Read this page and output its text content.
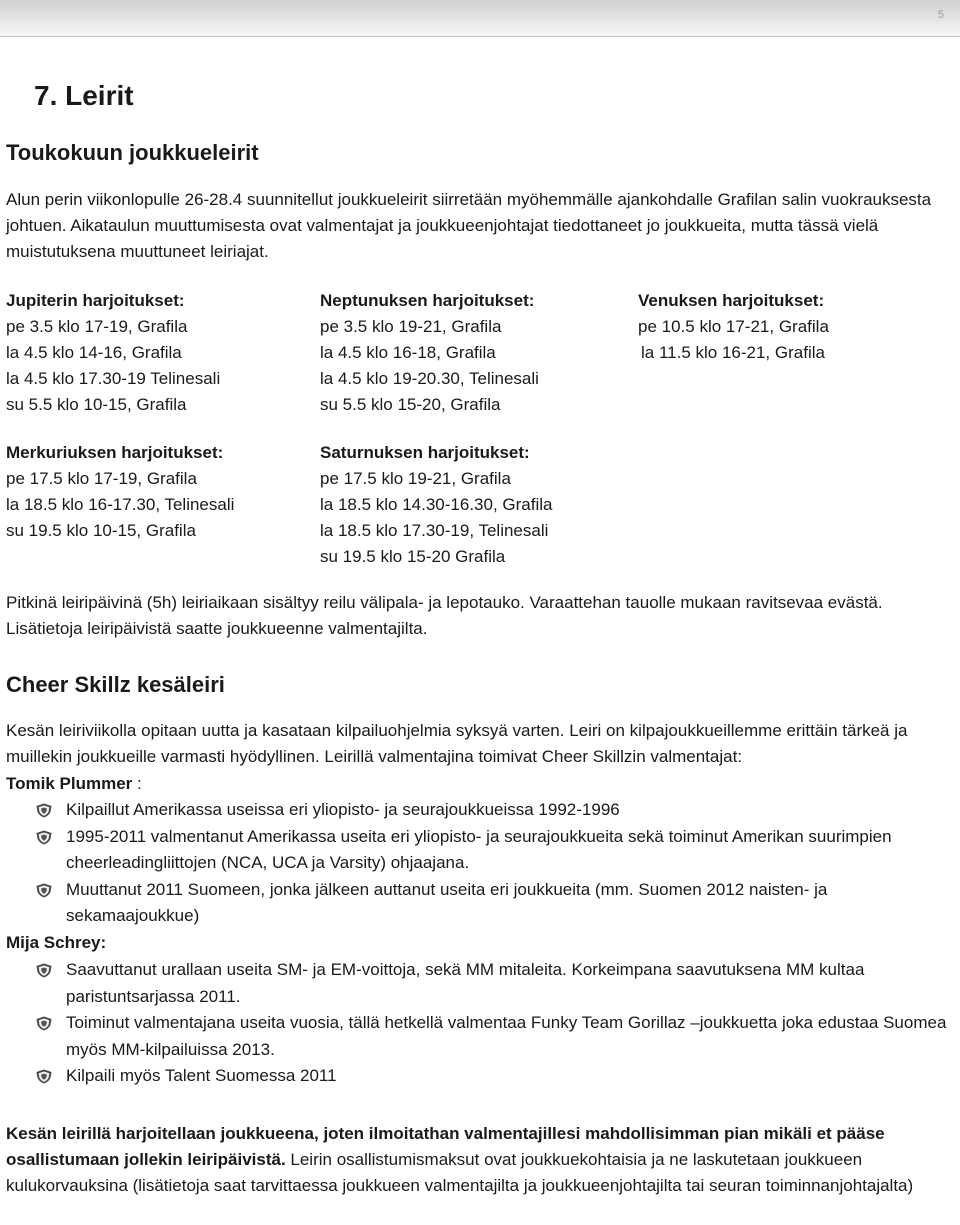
5
7. Leirit
Toukokuun joukkueleirit

Alun perin viikonlopulle 26-28.4 suunnitellut joukkueleirit siirretään myöhemmälle ajankohdalle Grafilan salin vuokrauksesta johtuen. Aikataulun muuttumisesta ovat valmentajat ja joukkueenjohtajat tiedottaneet jo joukkueita, mutta tässä vielä muistutuksena muuttuneet leiriajat.

Jupiterin harjoitukset:
pe 3.5 klo 17-19, Grafila
la 4.5 klo 14-16, Grafila
la 4.5 klo 17.30-19 Telinesali
su 5.5 klo 10-15, Grafila
Neptunuksen harjoitukset:
pe 3.5 klo 19-21, Grafila
la 4.5 klo 16-18, Grafila
la 4.5 klo 19-20.30, Telinesali
su 5.5 klo 15-20, Grafila
Venuksen harjoitukset:
pe 10.5 klo 17-21, Grafila
la 11.5 klo 16-21, Grafila
Merkuriuksen harjoitukset:
pe 17.5 klo 17-19, Grafila
la 18.5 klo 16-17.30, Telinesali
su 19.5 klo 10-15, Grafila
Saturnuksen harjoitukset:
pe 17.5 klo 19-21, Grafila
la 18.5 klo 14.30-16.30, Grafila
la 18.5 klo 17.30-19, Telinesali
su 19.5 klo 15-20 Grafila

Pitkinä leiripäivinä (5h) leiriaikaan sisältyy reilu välipala- ja lepotauko. Varaattehan tauolle mukaan ravitsevaa evästä. Lisätietoja leiripäivistä saatte joukkueenne valmentajilta.

Cheer Skillz kesäleiri

Kesän leiriviikolla opitaan uutta ja kasataan kilpailuohjelmia syksyä varten. Leiri on kilpajoukkueillemme erittäin tärkeä ja muillekin joukkueille varmasti hyödyllinen. Leirillä valmentajina toimivat Cheer Skillzin valmentajat:

Tomik Plummer :
Kilpaillut Amerikassa useissa eri yliopisto- ja seurajoukkueissa 1992-1996
1995-2011 valmentanut Amerikassa useita eri yliopisto- ja seurajoukkueita sekä toiminut Amerikan suurimpien cheerleadingliittojen (NCA, UCA ja Varsity) ohjaajana.
Muuttanut 2011 Suomeen, jonka jälkeen auttanut useita eri joukkueita (mm. Suomen 2012 naisten- ja sekamaajoukkue)
Mija Schrey:
Saavuttanut urallaan useita SM- ja EM-voittoja, sekä MM mitaleita. Korkeimpana saavutuksena MM kultaa paristuntsarjassa 2011.
Toiminut valmentajana useita vuosia, tällä hetkellä valmentaa Funky Team Gorillaz –joukkuetta joka edustaa Suomea myös MM-kilpailuissa 2013.
Kilpaili myös Talent Suomessa 2011

Kesän leirillä harjoitellaan joukkueena, joten ilmoitathan valmentajillesi mahdollisimman pian mikäli et pääse osallistumaan jollekin leiripäivistä. Leirin osallistumismaksut ovat joukkuekohtaisia ja ne laskutetaan joukkueen kulukorvauksina (lisätietoja saat tarvittaessa joukkueen valmentajilta ja joukkueenjohtajilta tai seuran toiminnanjohtajalta)
